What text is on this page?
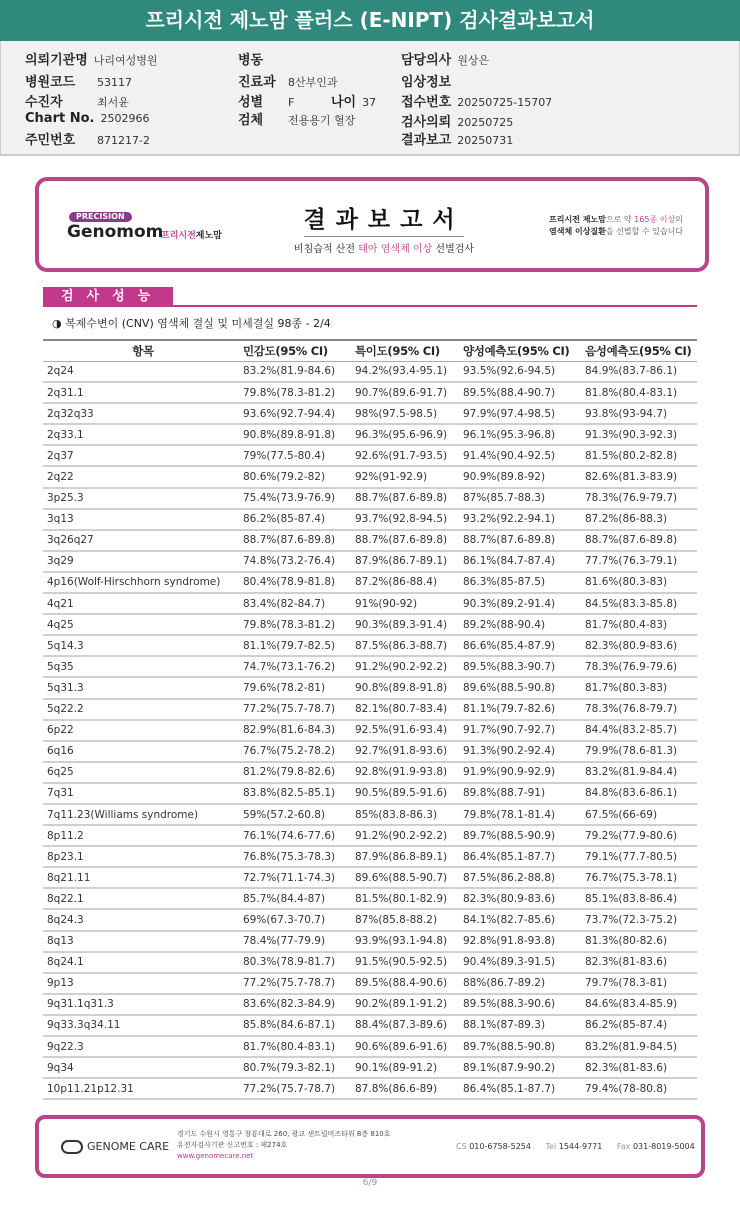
프리시전 제노맘 플러스 (E-NIPT) 검사결과보고서
의뢰기관명 나리여성병원
병원코드 53117
수진자	최서윤
Chart No. 2502966
주민번호 871217-2
병동
진료과 8산부인과
성별 F	나이 37
검체 전용용기 혈장
담당의사 원상은
임상정보
접수번호 20250725-15707
검사의뢰 20250725
결과보고 20250731
PRECISION
Genomom
프리시전제노맘
결과보고서
비침습적 산전 태아 염색체 이상 선별검사
프리시전 제노맘으로 약 165종 이상의
염색체 이상질환을 선별할 수 있습니다
검사성능
◑ 복제수변이 (CNV) 염색체 결실 및 미세결실 98종 - 2/4
항목	민감도(95% CI)	특이도(95% CI)	양성예측도(95% CI)	음성예측도(95% CI)
2q24	83.2%(81.9-84.6)	94.2%(93.4-95.1)	93.5%(92.6-94.5)	84.9%(83.7-86.1)
2q31.1	79.8%(78.3-81.2)	90.7%(89.6-91.7)	89.5%(88.4-90.7)	81.8%(80.4-83.1)
2q32q33	93.6%(92.7-94.4)	98%(97.5-98.5)	97.9%(97.4-98.5)	93.8%(93-94.7)
2q33.1	90.8%(89.8-91.8)	96.3%(95.6-96.9)	96.1%(95.3-96.8)	91.3%(90.3-92.3)
2q37	79%(77.5-80.4)	92.6%(91.7-93.5)	91.4%(90.4-92.5)	81.5%(80.2-82.8)
2q22	80.6%(79.2-82)	92%(91-92.9)	90.9%(89.8-92)	82.6%(81.3-83.9)
3p25.3	75.4%(73.9-76.9)	88.7%(87.6-89.8)	87%(85.7-88.3)	78.3%(76.9-79.7)
3q13	86.2%(85-87.4)	93.7%(92.8-94.5)	93.2%(92.2-94.1)	87.2%(86-88.3)
3q26q27	88.7%(87.6-89.8)	88.7%(87.6-89.8)	88.7%(87.6-89.8)	88.7%(87.6-89.8)
3q29	74.8%(73.2-76.4)	87.9%(86.7-89.1)	86.1%(84.7-87.4)	77.7%(76.3-79.1)
4p16(Wolf-Hirschhorn syndrome)	80.4%(78.9-81.8)	87.2%(86-88.4)	86.3%(85-87.5)	81.6%(80.3-83)
4q21	83.4%(82-84.7)	91%(90-92)	90.3%(89.2-91.4)	84.5%(83.3-85.8)
4q25	79.8%(78.3-81.2)	90.3%(89.3-91.4)	89.2%(88-90.4)	81.7%(80.4-83)
5q14.3	81.1%(79.7-82.5)	87.5%(86.3-88.7)	86.6%(85.4-87.9)	82.3%(80.9-83.6)
5q35	74.7%(73.1-76.2)	91.2%(90.2-92.2)	89.5%(88.3-90.7)	78.3%(76.9-79.6)
5q31.3	79.6%(78.2-81)	90.8%(89.8-91.8)	89.6%(88.5-90.8)	81.7%(80.3-83)
5q22.2	77.2%(75.7-78.7)	82.1%(80.7-83.4)	81.1%(79.7-82.6)	78.3%(76.8-79.7)
6p22	82.9%(81.6-84.3)	92.5%(91.6-93.4)	91.7%(90.7-92.7)	84.4%(83.2-85.7)
6q16	76.7%(75.2-78.2)	92.7%(91.8-93.6)	91.3%(90.2-92.4)	79.9%(78.6-81.3)
6q25	81.2%(79.8-82.6)	92.8%(91.9-93.8)	91.9%(90.9-92.9)	83.2%(81.9-84.4)
7q31	83.8%(82.5-85.1)	90.5%(89.5-91.6)	89.8%(88.7-91)	84.8%(83.6-86.1)
7q11.23(Williams syndrome)	59%(57.2-60.8)	85%(83.8-86.3)	79.8%(78.1-81.4)	67.5%(66-69)
8p11.2	76.1%(74.6-77.6)	91.2%(90.2-92.2)	89.7%(88.5-90.9)	79.2%(77.9-80.6)
8p23.1	76.8%(75.3-78.3)	87.9%(86.8-89.1)	86.4%(85.1-87.7)	79.1%(77.7-80.5)
8q21.11	72.7%(71.1-74.3)	89.6%(88.5-90.7)	87.5%(86.2-88.8)	76.7%(75.3-78.1)
8q22.1	85.7%(84.4-87)	81.5%(80.1-82.9)	82.3%(80.9-83.6)	85.1%(83.8-86.4)
8q24.3	69%(67.3-70.7)	87%(85.8-88.2)	84.1%(82.7-85.6)	73.7%(72.3-75.2)
8q13	78.4%(77-79.9)	93.9%(93.1-94.8)	92.8%(91.8-93.8)	81.3%(80-82.6)
8q24.1	80.3%(78.9-81.7)	91.5%(90.5-92.5)	90.4%(89.3-91.5)	82.3%(81-83.6)
9p13	77.2%(75.7-78.7)	89.5%(88.4-90.6)	88%(86.7-89.2)	79.7%(78.3-81)
9q31.1q31.3	83.6%(82.3-84.9)	90.2%(89.1-91.2)	89.5%(88.3-90.6)	84.6%(83.4-85.9)
9q33.3q34.11	85.8%(84.6-87.1)	88.4%(87.3-89.6)	88.1%(87-89.3)	86.2%(85-87.4)
9q22.3	81.7%(80.4-83.1)	90.6%(89.6-91.6)	89.7%(88.5-90.8)	83.2%(81.9-84.5)
9q34	80.7%(79.3-82.1)	90.1%(89-91.2)	89.1%(87.9-90.2)	82.3%(81-83.6)
10p11.21p12.31	77.2%(75.7-78.7)	87.8%(86.6-89)	86.4%(85.1-87.7)	79.4%(78-80.8)
GENOME CARE
경기도 수원시 영통구 창룡대로 260, 광교 센트럴비즈타워 8층 810호
유전자검사기관 신고번호 : 제274호
www.genomecare.net
CS 010-6758-5254 Tel 1544-9771 Fax 031-8019-5004
6/9
